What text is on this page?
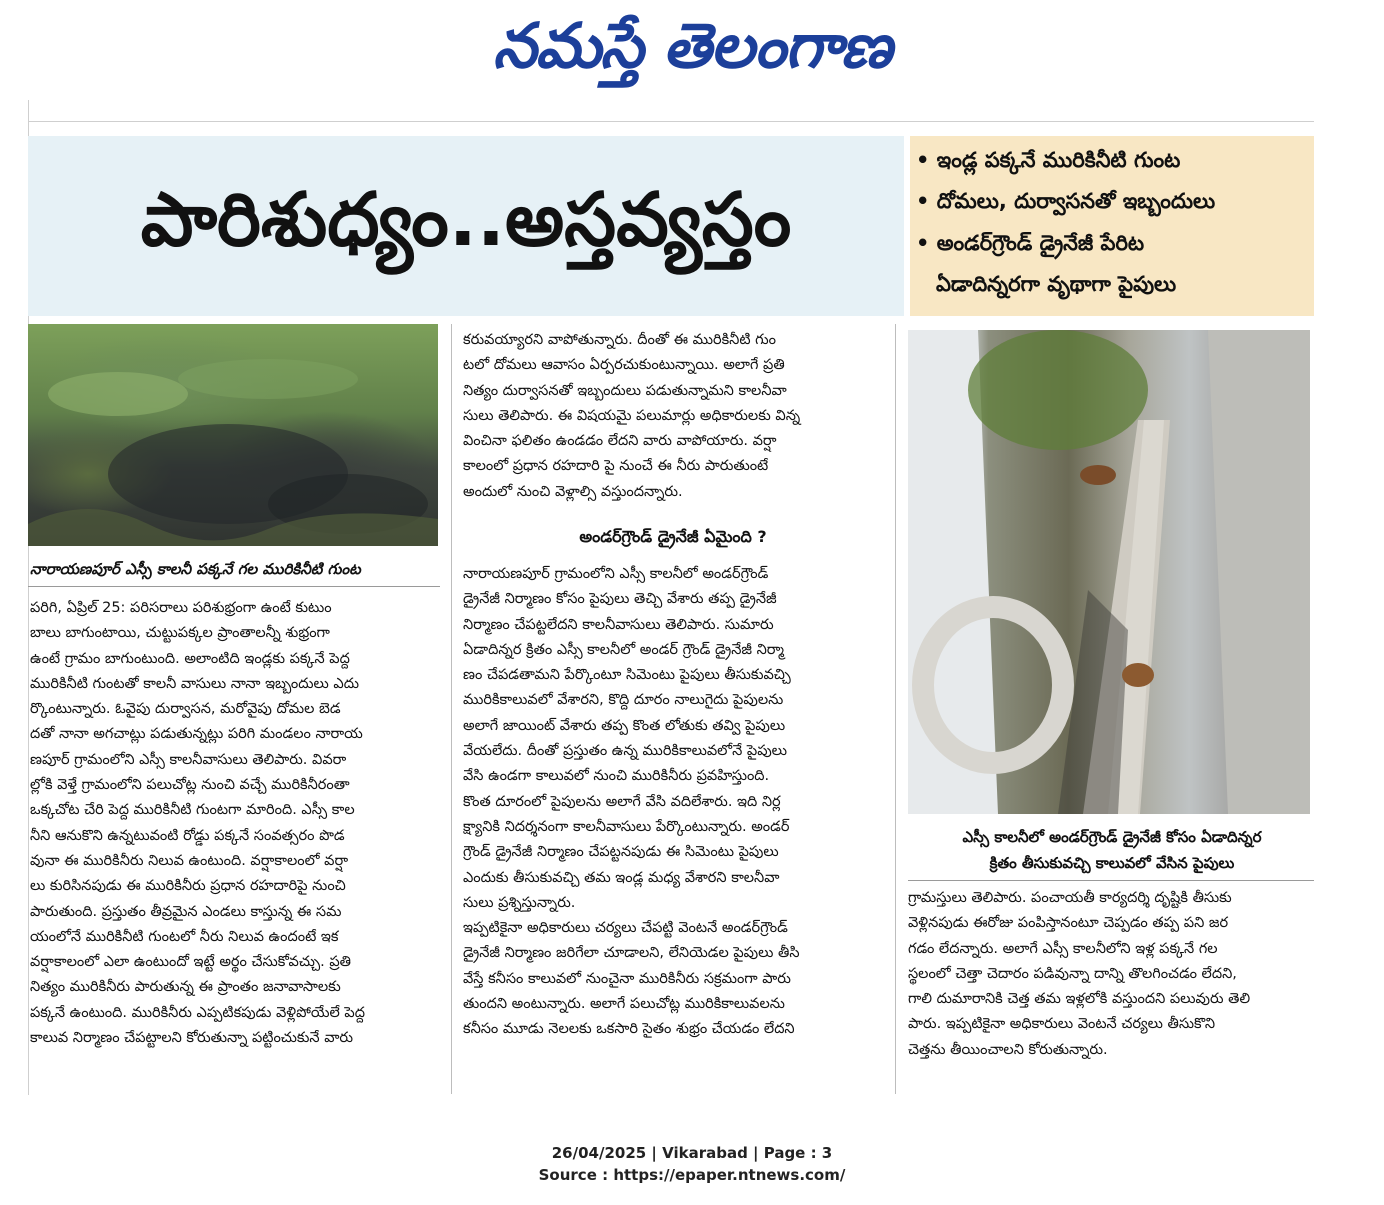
నమస్తే తెలంగాణ
పారిశుధ్యం..అస్తవ్యస్తం
• ఇండ్ల పక్కనే మురికినీటి గుంట
• దోమలు, దుర్వాసనతో ఇబ్బందులు
• అండర్‌గ్రౌండ్‌ డ్రైనేజీ పేరిట
ఏడాదిన్నరగా వృథాగా పైపులు
నారాయణపూర్‌ ఎస్సీ కాలనీ పక్కనే గల మురికినీటి గుంట
పరిగి, ఏప్రిల్‌ 25: పరిసరాలు పరిశుభ్రంగా ఉంటే కుటుం
బాలు బాగుంటాయి, చుట్టుపక్కల ప్రాంతాలన్నీ శుభ్రంగా
ఉంటే గ్రామం బాగుంటుంది. అలాంటిది ఇండ్లకు పక్కనే పెద్ద
మురికినీటి గుంటతో కాలనీ వాసులు నానా ఇబ్బందులు ఎదు
ర్కొంటున్నారు. ఓవైపు దుర్వాసన, మరోవైపు దోమల బెడ
దతో నానా అగచాట్లు పడుతున్నట్లు పరిగి మండలం నారాయ
ణపూర్‌ గ్రామంలోని ఎస్సీ కాలనీవాసులు తెలిపారు. వివరా
ల్లోకి వెళ్తే గ్రామంలోని పలుచోట్ల నుంచి వచ్చే మురికినీరంతా
ఒక్కచోట చేరి పెద్ద మురికినీటి గుంటగా మారింది. ఎస్సీ కాల
నీని ఆనుకొని ఉన్నటువంటి రోడ్డు పక్కనే సంవత్సరం పొడ
వునా ఈ మురికినీరు నిలువ ఉంటుంది. వర్షాకాలంలో వర్షా
లు కురిసినపుడు ఈ మురికినీరు ప్రధాన రహదారిపై నుంచి
పారుతుంది. ప్రస్తుతం తీవ్రమైన ఎండలు కాస్తున్న ఈ సమ
యంలోనే మురికినీటి గుంటలో నీరు నిలువ ఉందంటే ఇక
వర్షాకాలంలో ఎలా ఉంటుందో ఇట్టే అర్థం చేసుకోవచ్చు. ప్రతి
నిత్యం మురికినీరు పారుతున్న ఈ ప్రాంతం జనావాసాలకు
పక్కనే ఉంటుంది. మురికినీరు ఎప్పటికపుడు వెళ్లిపోయేలే పెద్ద
కాలువ నిర్మాణం చేపట్టాలని కోరుతున్నా పట్టించుకునే వారు
కరువయ్యారని వాపోతున్నారు. దీంతో ఈ మురికినీటి గుం
టలో దోమలు ఆవాసం ఏర్పరచుకుంటున్నాయి. అలాగే ప్రతి
నిత్యం దుర్వాసనతో ఇబ్బందులు పడుతున్నామని కాలనీవా
సులు తెలిపారు. ఈ విషయమై పలుమార్లు అధికారులకు విన్న
వించినా ఫలితం ఉండడం లేదని వారు వాపోయారు. వర్షా
కాలంలో ప్రధాన రహదారి పై నుంచే ఈ నీరు పారుతుంటే
అందులో నుంచి వెళ్లాల్సి వస్తుందన్నారు.
అండర్‌గ్రౌండ్‌ డ్రైనేజీ ఏమైంది ?
నారాయణపూర్‌ గ్రామంలోని ఎస్సీ కాలనీలో అండర్‌గ్రౌండ్‌
డ్రైనేజీ నిర్మాణం కోసం పైపులు తెచ్చి వేశారు తప్ప డ్రైనేజీ
నిర్మాణం చేపట్టలేదని కాలనీవాసులు తెలిపారు. సుమారు
ఏడాదిన్నర క్రితం ఎస్సీ కాలనీలో అండర్‌ గ్రౌండ్‌ డ్రైనేజీ నిర్మా
ణం చేపడతామని పేర్కొంటూ సిమెంటు పైపులు తీసుకువచ్చి
మురికికాలువలో వేశారని, కొద్ది దూరం నాలుగైదు పైపులను
అలాగే జాయింట్‌ వేశారు తప్ప కొంత లోతుకు తవ్వి పైపులు
వేయలేదు. దీంతో ప్రస్తుతం ఉన్న మురికికాలువలోనే పైపులు
వేసి ఉండగా కాలువలో నుంచి మురికినీరు ప్రవహిస్తుంది.
కొంత దూరంలో పైపులను అలాగే వేసి వదిలేశారు. ఇది నిర్ల
క్ష్యానికి నిదర్శనంగా కాలనీవాసులు పేర్కొంటున్నారు. అండర్‌
గ్రౌండ్‌ డ్రైనేజీ నిర్మాణం చేపట్టనపుడు ఈ సిమెంటు పైపులు
ఎందుకు తీసుకువచ్చి తమ ఇండ్ల మధ్య వేశారని కాలనీవా
సులు ప్రశ్నిస్తున్నారు.
ఇప్పటికైనా అధికారులు చర్యలు చేపట్టి వెంటనే అండర్‌గ్రౌండ్‌
డ్రైనేజీ నిర్మాణం జరిగేలా చూడాలని, లేనియెడల పైపులు తీసి
వేస్తే కనీసం కాలువలో నుంచైనా మురికినీరు సక్రమంగా పారు
తుందని అంటున్నారు. అలాగే పలుచోట్ల మురికికాలువలను
కనీసం మూడు నెలలకు ఒకసారి సైతం శుభ్రం చేయడం లేదని
ఎస్సీ కాలనీలో అండర్‌గ్రౌండ్‌ డ్రైనేజీ కోసం ఏడాదిన్నర
క్రితం తీసుకువచ్చి కాలువలో వేసిన పైపులు
గ్రామస్తులు తెలిపారు. పంచాయతీ కార్యదర్శి దృష్టికి తీసుకు
వెళ్లినపుడు ఈరోజు పంపిస్తానంటూ చెప్పడం తప్ప పని జర
గడం లేదన్నారు. అలాగే ఎస్సీ కాలనీలోని ఇళ్ల పక్కనే గల
స్థలంలో చెత్తా చెదారం పడివున్నా దాన్ని తొలగించడం లేదని,
గాలి దుమారానికి చెత్త తమ ఇళ్లలోకి వస్తుందని పలువురు తెలి
పారు. ఇప్పటికైనా అధికారులు వెంటనే చర్యలు తీసుకొని
చెత్తను తీయించాలని కోరుతున్నారు.
26/04/2025 | Vikarabad | Page : 3
Source : https://epaper.ntnews.com/
